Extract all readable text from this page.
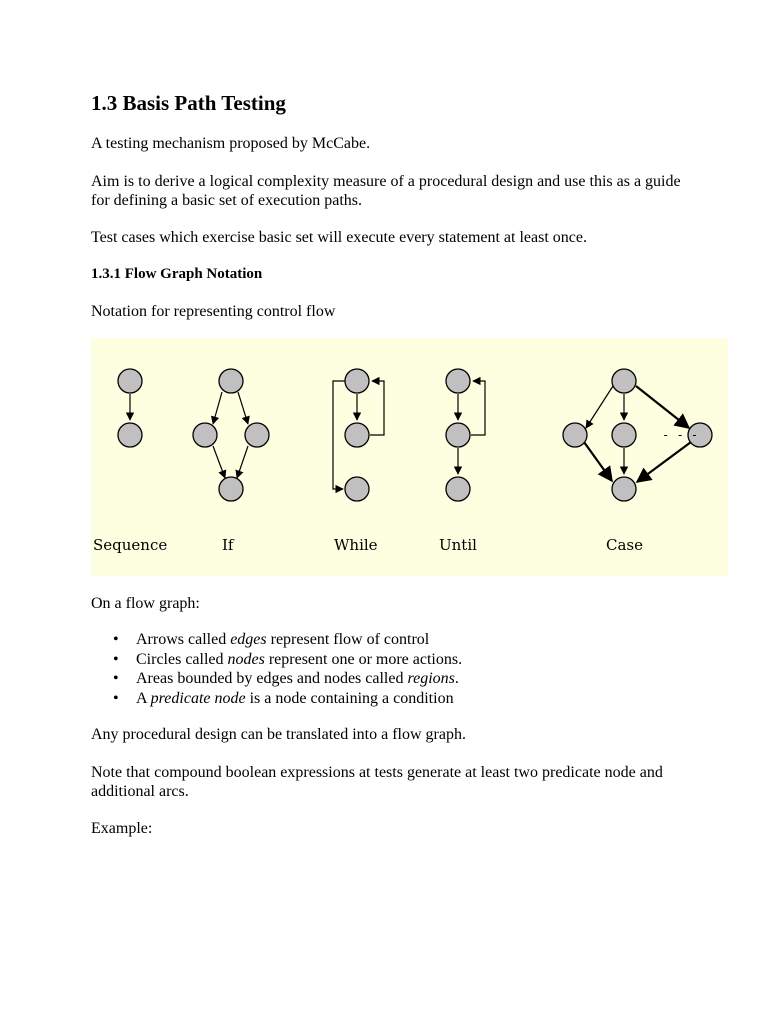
1.3 Basis Path Testing

A testing mechanism proposed by McCabe.

Aim is to derive a logical complexity measure of a procedural design and use this as a guide for defining a basic set of execution paths.

Test cases which exercise basic set will execute every statement at least once.

1.3.1 Flow Graph Notation

Notation for representing control flow

- - -
Sequence	If	While	Until	Case

On a flow graph:

• Arrows called edges represent flow of control
• Circles called nodes represent one or more actions.
• Areas bounded by edges and nodes called regions.
• A predicate node is a node containing a condition

Any procedural design can be translated into a flow graph.

Note that compound boolean expressions at tests generate at least two predicate node and additional arcs.

Example:
